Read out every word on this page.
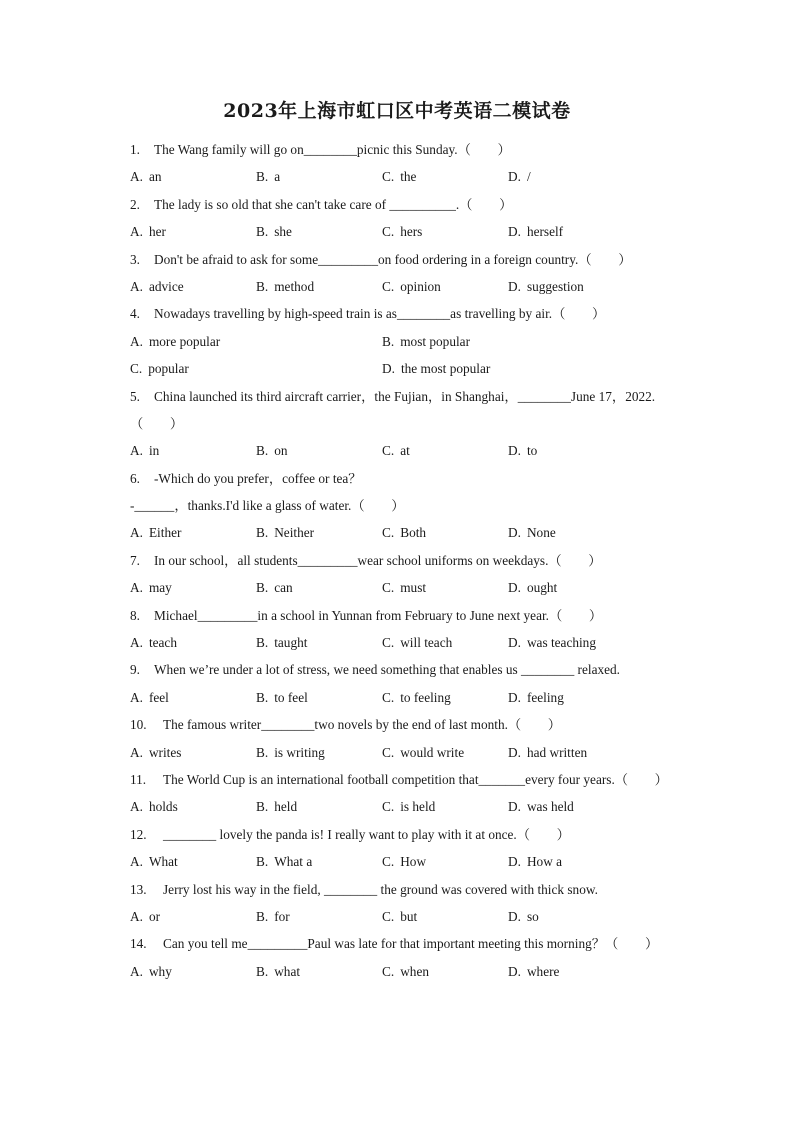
2023年上海市虹口区中考英语二模试卷
1. The Wang family will go on________picnic this Sunday.（　　）
A. an	B. a	C. the	D. /
2. The lady is so old that she can't take care of __________.（　　）
A. her	B. she	C. hers	D. herself
3. Don't be afraid to ask for some_________on food ordering in a foreign country.（　　）
A. advice	B. method	C. opinion	D. suggestion
4. Nowadays travelling by high-speed train is as________as travelling by air.（　　）
A. more popular	B. most popular
C. popular	D. the most popular
5. China launched its third aircraft carrier，the Fujian，in Shanghai，________June 17，2022.
（　　）
A. in	B. on	C. at	D. to
6. -Which do you prefer，coffee or tea？
-______，thanks.I'd like a glass of water.（　　）
A. Either	B. Neither	C. Both	D. None
7. In our school，all students_________wear school uniforms on weekdays.（　　）
A. may	B. can	C. must	D. ought
8. Michael_________in a school in Yunnan from February to June next year.（　　）
A. teach	B. taught	C. will teach	D. was teaching
9. When we’re under a lot of stress, we need something that enables us ________ relaxed.
A. feel	B. to feel	C. to feeling	D. feeling
10. The famous writer________two novels by the end of last month.（　　）
A. writes	B. is writing	C. would write	D. had written
11. The World Cup is an international football competition that_______every four years.（　　）
A. holds	B. held	C. is held	D. was held
12. ________ lovely the panda is! I really want to play with it at once.（　　）
A. What	B. What a	C. How	D. How a
13. Jerry lost his way in the field, ________ the ground was covered with thick snow.
A. or	B. for	C. but	D. so
14. Can you tell me_________Paul was late for that important meeting this morning？（　　）
A. why	B. what	C. when	D. where
